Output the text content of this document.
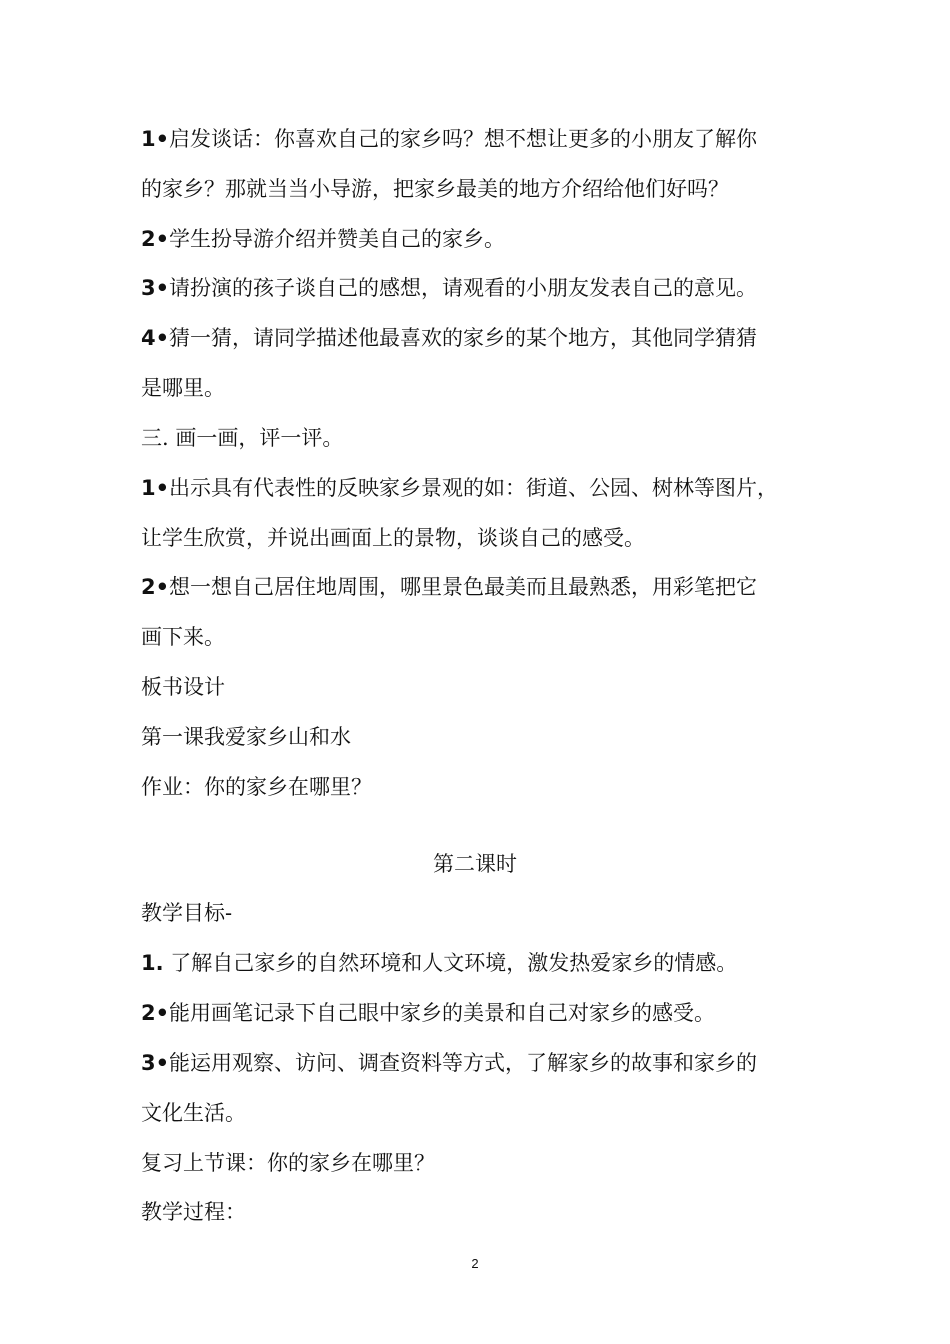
1•启发谈话：你喜欢自己的家乡吗？想不想让更多的小朋友了解你
的家乡？那就当当小导游，把家乡最美的地方介绍给他们好吗？
2•学生扮导游介绍并赞美自己的家乡。
3•请扮演的孩子谈自己的感想，请观看的小朋友发表自己的意见。
4•猜一猜，请同学描述他最喜欢的家乡的某个地方，其他同学猜猜
是哪里。
三. 画一画，评一评。
1•出示具有代表性的反映家乡景观的如：街道、公园、树林等图片，
让学生欣赏，并说出画面上的景物，谈谈自己的感受。
2•想一想自己居住地周围，哪里景色最美而且最熟悉，用彩笔把它
画下来。
板书设计
第一课我爱家乡山和水
作业：你的家乡在哪里？
第二课时
教学目标-
1. 了解自己家乡的自然环境和人文环境，激发热爱家乡的情感。
2•能用画笔记录下自己眼中家乡的美景和自己对家乡的感受。
3•能运用观察、访问、调查资料等方式，了解家乡的故事和家乡的
文化生活。
复习上节课：你的家乡在哪里？
教学过程：
2
